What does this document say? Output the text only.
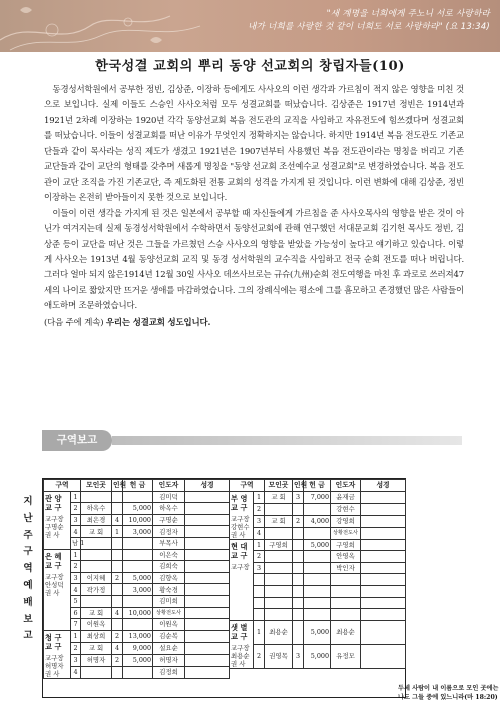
"새 계명을 너희에게 주노니 서로 사랑하라
내가 너희를 사랑한 것 같이 너희도 서로 사랑하라" (요 13:34)
한국성결 교회의 뿌리 동양 선교회의 창립자들(10)

동경성서학원에서 공부한 정빈, 김상준, 이장하 등에게도 사사오의 이런 생각과 가르침이 적지 않은 영향을 미친 것으로 보입니다. 실제 이들도 스승인 사사오처럼 모두 성결교회를 떠났습니다. 김상준은 1917년 정빈은 1914년과 1921년 2차례 이장하는 1920년 각각 동양선교회 복음 전도관의 교직을 사임하고 자유전도에 힘쓰겠다며 성결교회를 떠났습니다. 이들이 성결교회를 떠난 이유가 무엇인지 정확하지는 않습니다. 하지만 1914년 복음 전도관도 기존교단들과 같이 목사라는 성직 제도가 생겼고 1921년은 1907년부터 사용했던 복음 전도관이라는 명칭을 버리고 기존 교단들과 같이 교단의 형태를 갖추며 새롭게 명칭을 "동양 선교회 조선예수교 성결교회"로 변경하였습니다. 복음 전도관이 교단 조직을 가진 기존교단, 즉 제도화된 전통 교회의 성격을 가지게 된 것입니다. 이런 변화에 대해 김상준, 정빈 이장하는 온전히 받아들이지 못한 것으로 보입니다.

이들이 이런 생각을 가지게 된 것은 일본에서 공부할 때 자신들에게 가르침을 준 사사오목사의 영향을 받은 것이 아닌가 여겨지는데 실제 동경성서학원에서 수학하면서 동양선교회에 관해 연구했던 서대문교회 김기헌 목사도 정빈, 김상준 등이 교단을 떠난 것은 그들을 가르쳤던 스승 사사오의 영향을 받았을 가능성이 높다고 얘기하고 있습니다. 이렇게 사사오는 1913년 4월 동양선교회 교직 및 동경 성서학원의 교수직을 사임하고 전국 순회 전도를 떠나 버립니다. 그러다 얼마 되지 않은1914년 12월 30일 사사오 데쓰사브로는 규슈(九州)순회 전도여행을 마친 후 과로로 쓰러져47세의 나이로 짧았지만 뜨거운 생애를 마감하였습니다. 그의 장례식에는 평소에 그를 흠모하고 존경했던 많은 사람들이 애도하며 조문하였습니다.

(다음 주에 계속) 우리는 성결교회 성도입니다.

구역보고
지난주 구역예배보고
구역		모인곳	인원	헌 금	인도자	성경

관 양 교 구
교구장 구명순 권 사	1				김미덕	
	2	하옥수		5,000	하옥수	
	3	최은경	4	10,000	구명순	
	4	교 회	1	3,000	김정자	
	남 1				부목사	

은 혜 교 구
교구장 안성덕 권 사	1				이은숙	
	2				김희숙	
	3	이지혜	2	5,000	김향옥	
	4	곽가정		3,000	황숙경	
	5				김미희	
	6	교 회	4	10,000	상황전도사	
	7	이원옥			이원옥	

청 구 교 구
교구장 허명자 권 사	1	최상희	2	13,000	김순복	
	2	교 회	4	9,000	설요순	
	3	허명자	2	5,000	허명자	
	4				김정희	
구역		모인곳	인원	헌 금	인도자	성경

부 영 교 구
교구장 강현수 권 사	1	교 회	3	7,000	윤재금	
	2				강현수	
	3	교 회	2	4,000	강영희	
	4				상황전도사	

현 대 교 구
교구장	1	구영희		5,000	구영희	
	2				안영옥	
	3				박인자	

샛 별 교 구
교구장 최용순 권 사	1	최용순		5,000	최용순	
	2	권영목	3	5,000	유정모	
두세 사람이 내 이름으로 모인 곳에는 나도 그들 중에 있느니라(마 18:20)
